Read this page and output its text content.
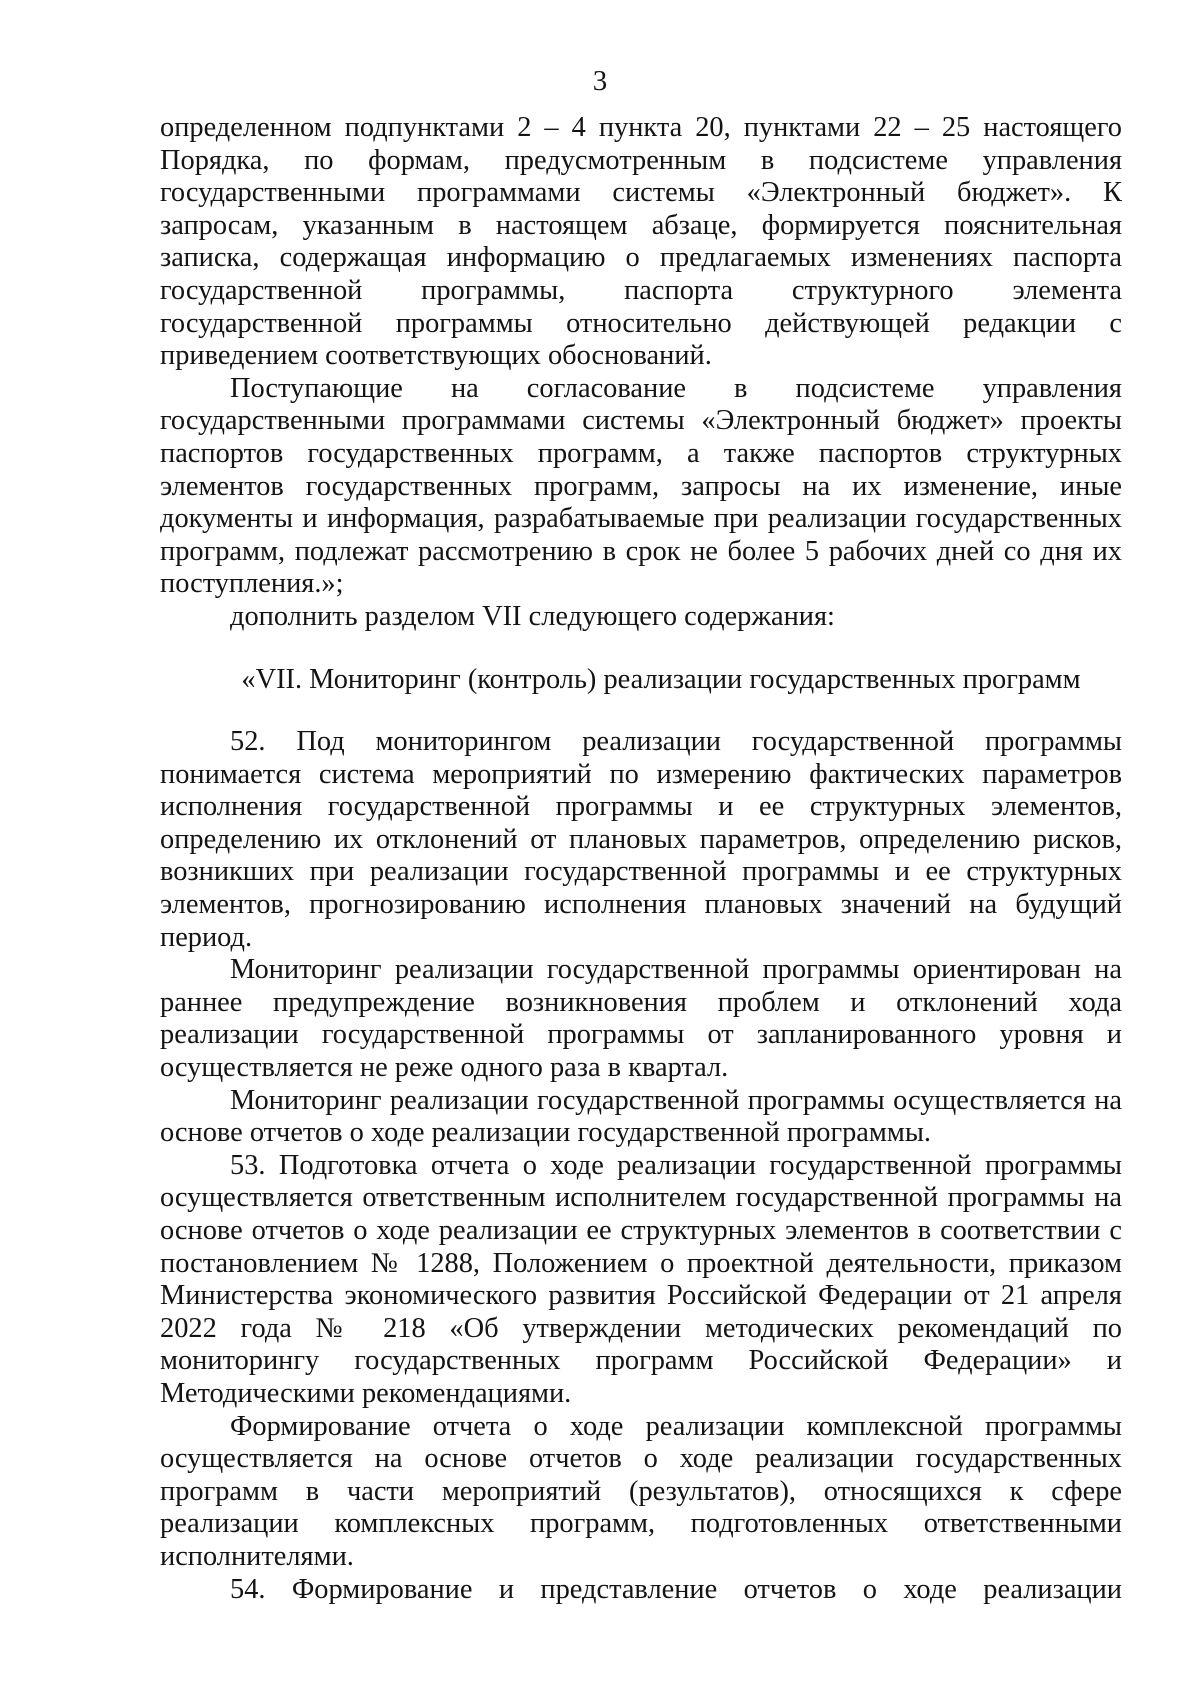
3

определенном подпунктами 2 – 4 пункта 20, пунктами 22 – 25 настоящего Порядка, по формам, предусмотренным в подсистеме управления государственными программами системы «Электронный бюджет». К запросам, указанным в настоящем абзаце, формируется пояснительная записка, содержащая информацию о предлагаемых изменениях паспорта государственной программы, паспорта структурного элемента государственной программы относительно действующей редакции с приведением соответствующих обоснований.

Поступающие на согласование в подсистеме управления государственными программами системы «Электронный бюджет» проекты паспортов государственных программ, а также паспортов структурных элементов государственных программ, запросы на их изменение, иные документы и информация, разрабатываемые при реализации государственных программ, подлежат рассмотрению в срок не более 5 рабочих дней со дня их поступления.»;

дополнить разделом VII следующего содержания:

«VII. Мониторинг (контроль) реализации государственных программ

52. Под мониторингом реализации государственной программы понимается система мероприятий по измерению фактических параметров исполнения государственной программы и ее структурных элементов, определению их отклонений от плановых параметров, определению рисков, возникших при реализации государственной программы и ее структурных элементов, прогнозированию исполнения плановых значений на будущий период.

Мониторинг реализации государственной программы ориентирован на раннее предупреждение возникновения проблем и отклонений хода реализации государственной программы от запланированного уровня и осуществляется не реже одного раза в квартал.

Мониторинг реализации государственной программы осуществляется на основе отчетов о ходе реализации государственной программы.

53. Подготовка отчета о ходе реализации государственной программы осуществляется ответственным исполнителем государственной программы на основе отчетов о ходе реализации ее структурных элементов в соответствии с постановлением № 1288, Положением о проектной деятельности, приказом Министерства экономического развития Российской Федерации от 21 апреля 2022 года № 218 «Об утверждении методических рекомендаций по мониторингу государственных программ Российской Федерации» и Методическими рекомендациями.

Формирование отчета о ходе реализации комплексной программы осуществляется на основе отчетов о ходе реализации государственных программ в части мероприятий (результатов), относящихся к сфере реализации комплексных программ, подготовленных ответственными исполнителями.

54. Формирование и представление отчетов о ходе реализации
